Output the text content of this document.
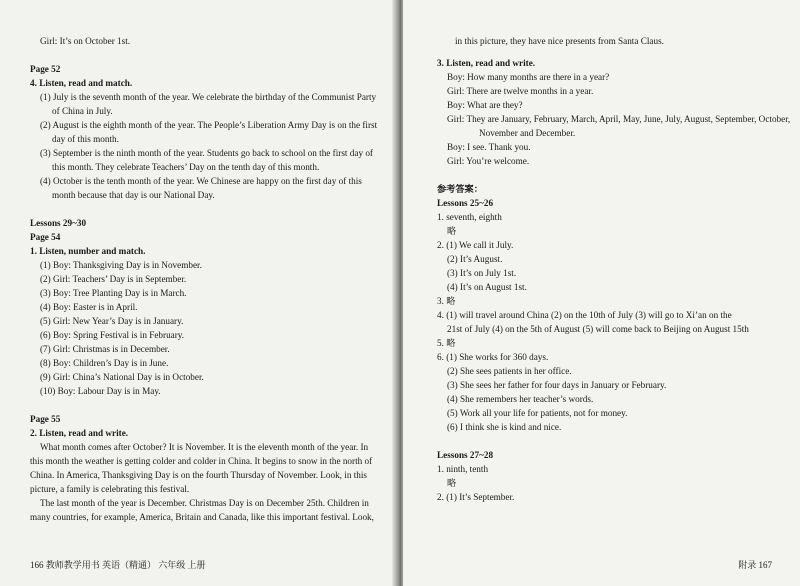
Girl: It’s on October 1st.
Page 52
4. Listen, read and match.
(1) July is the seventh month of the year. We celebrate the birthday of the Communist Party
of China in July.
(2) August is the eighth month of the year. The People’s Liberation Army Day is on the first
day of this month.
(3) September is the ninth month of the year. Students go back to school on the first day of
this month. They celebrate Teachers’ Day on the tenth day of this month.
(4) October is the tenth month of the year. We Chinese are happy on the first day of this
month because that day is our National Day.
Lessons 29~30
Page 54
1. Listen, number and match.
(1) Boy: Thanksgiving Day is in November.
(2) Girl: Teachers’ Day is in September.
(3) Boy: Tree Planting Day is in March.
(4) Boy: Easter is in April.
(5) Girl: New Year’s Day is in January.
(6) Boy: Spring Festival is in February.
(7) Girl: Christmas is in December.
(8) Boy: Children’s Day is in June.
(9) Girl: China’s National Day is in October.
(10) Boy: Labour Day is in May.
Page 55
2. Listen, read and write.
What month comes after October? It is November. It is the eleventh month of the year. In
this month the weather is getting colder and colder in China. It begins to snow in the north of
China. In America, Thanksgiving Day is on the fourth Thursday of November. Look, in this
picture, a family is celebrating this festival.
The last month of the year is December. Christmas Day is on December 25th. Children in
many countries, for example, America, Britain and Canada, like this important festival. Look,
166 教师教学用书 英语（精通） 六年级 上册
in this picture, they have nice presents from Santa Claus.
3. Listen, read and write.
Boy: How many months are there in a year?
Girl: There are twelve months in a year.
Boy: What are they?
Girl: They are January, February, March, April, May, June, July, August, September, October,
November and December.
Boy: I see. Thank you.
Girl: You’re welcome.
参考答案：
Lessons 25~26
1. seventh, eighth
略
2. (1) We call it July.
(2) It’s August.
(3) It’s on July 1st.
(4) It’s on August 1st.
3. 略
4. (1) will travel around China (2) on the 10th of July (3) will go to Xi’an on the
21st of July (4) on the 5th of August (5) will come back to Beijing on August 15th
5. 略
6. (1) She works for 360 days.
(2) She sees patients in her office.
(3) She sees her father for four days in January or February.
(4) She remembers her teacher’s words.
(5) Work all your life for patients, not for money.
(6) I think she is kind and nice.
Lessons 27~28
1. ninth, tenth
略
2. (1) It’s September.
附录 167
